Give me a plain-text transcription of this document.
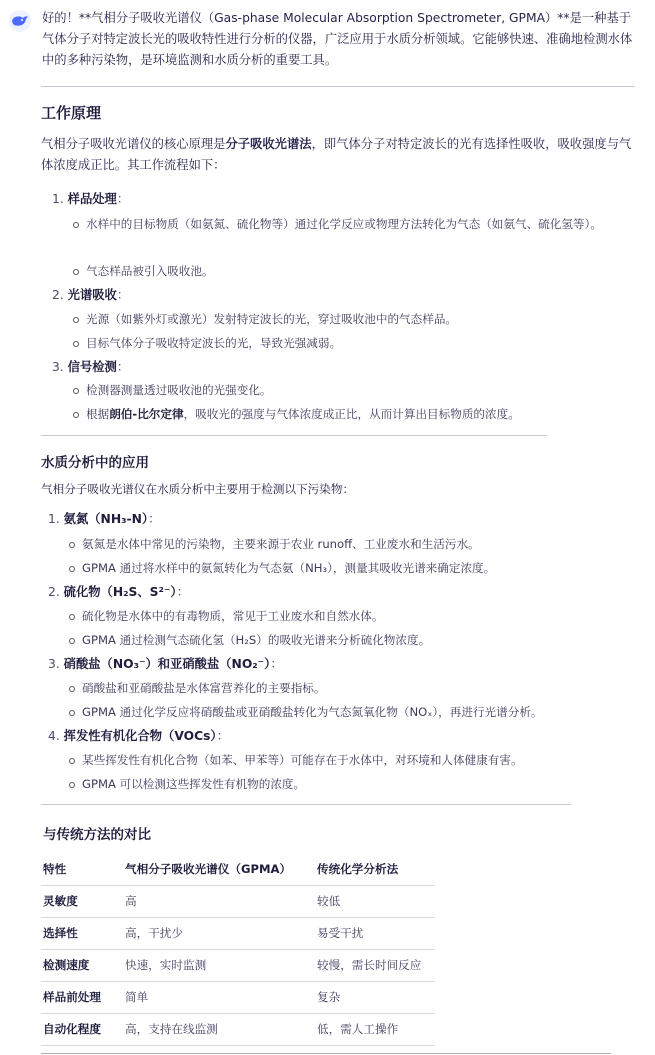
好的！**气相分子吸收光谱仪（Gas-phase Molecular Absorption Spectrometer, GPMA）**是一种基于气体分子对特定波长光的吸收特性进行分析的仪器，广泛应用于水质分析领域。它能够快速、准确地检测水体中的多种污染物，是环境监测和水质分析的重要工具。
工作原理
气相分子吸收光谱仪的核心原理是分子吸收光谱法，即气体分子对特定波长的光有选择性吸收，吸收强度与气体浓度成正比。其工作流程如下：
1. 样品处理：
水样中的目标物质（如氨氮、硫化物等）通过化学反应或物理方法转化为气态（如氨气、硫化氢等）。
气态样品被引入吸收池。
2. 光谱吸收：
光源（如紫外灯或激光）发射特定波长的光，穿过吸收池中的气态样品。
目标气体分子吸收特定波长的光，导致光强减弱。
3. 信号检测：
检测器测量透过吸收池的光强变化。
根据朗伯-比尔定律，吸收光的强度与气体浓度成正比，从而计算出目标物质的浓度。
水质分析中的应用
气相分子吸收光谱仪在水质分析中主要用于检测以下污染物：
1. 氨氮（NH₃-N）：
氨氮是水体中常见的污染物，主要来源于农业 runoff、工业废水和生活污水。
GPMA 通过将水样中的氨氮转化为气态氨（NH₃），测量其吸收光谱来确定浓度。
2. 硫化物（H₂S、S²⁻）：
硫化物是水体中的有毒物质，常见于工业废水和自然水体。
GPMA 通过检测气态硫化氢（H₂S）的吸收光谱来分析硫化物浓度。
3. 硝酸盐（NO₃⁻）和亚硝酸盐（NO₂⁻）：
硝酸盐和亚硝酸盐是水体富营养化的主要指标。
GPMA 通过化学反应将硝酸盐或亚硝酸盐转化为气态氮氧化物（NOₓ），再进行光谱分析。
4. 挥发性有机化合物（VOCs）：
某些挥发性有机化合物（如苯、甲苯等）可能存在于水体中，对环境和人体健康有害。
GPMA 可以检测这些挥发性有机物的浓度。
与传统方法的对比
特性	气相分子吸收光谱仪（GPMA）	传统化学分析法
灵敏度	高	较低
选择性	高，干扰少	易受干扰
检测速度	快速，实时监测	较慢，需长时间反应
样品前处理	简单	复杂
自动化程度	高，支持在线监测	低，需人工操作
